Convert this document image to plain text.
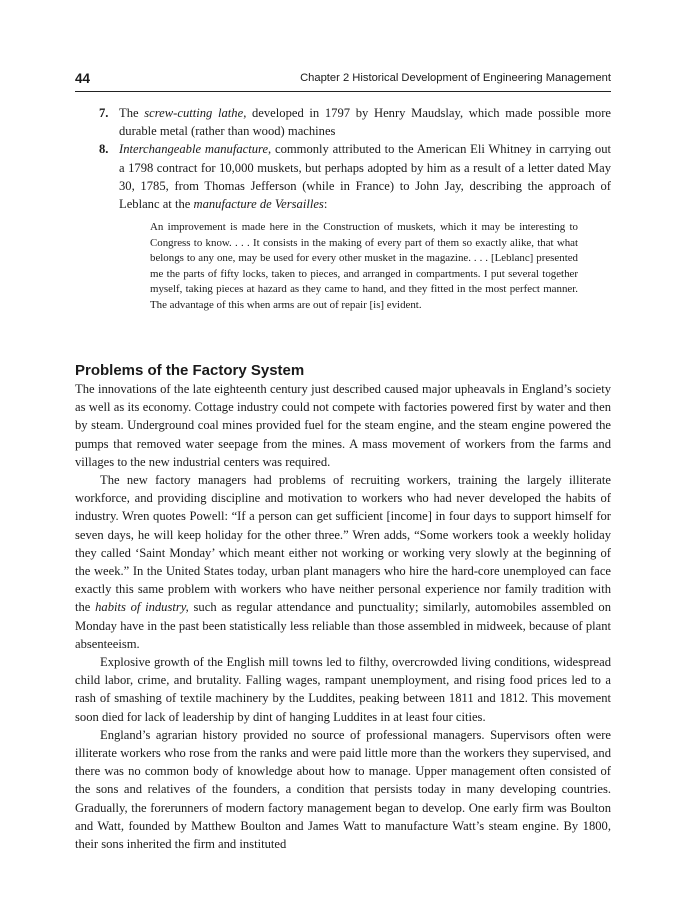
44	Chapter 2 Historical Development of Engineering Management
7. The screw-cutting lathe, developed in 1797 by Henry Maudslay, which made possible more durable metal (rather than wood) machines
8. Interchangeable manufacture, commonly attributed to the American Eli Whitney in carrying out a 1798 contract for 10,000 muskets, but perhaps adopted by him as a result of a letter dated May 30, 1785, from Thomas Jefferson (while in France) to John Jay, describing the approach of Leblanc at the manufacture de Versailles:
An improvement is made here in the Construction of muskets, which it may be interesting to Congress to know. . . . It consists in the making of every part of them so exactly alike, that what belongs to any one, may be used for every other musket in the magazine. . . . [Leblanc] presented me the parts of fifty locks, taken to pieces, and arranged in compartments. I put several together myself, taking pieces at hazard as they came to hand, and they fitted in the most perfect manner. The advantage of this when arms are out of repair [is] evident.
Problems of the Factory System

The innovations of the late eighteenth century just described caused major upheavals in England’s society as well as its economy. Cottage industry could not compete with factories powered first by water and then by steam. Underground coal mines provided fuel for the steam engine, and the steam engine powered the pumps that removed water seepage from the mines. A mass movement of workers from the farms and villages to the new industrial centers was required.

The new factory managers had problems of recruiting workers, training the largely illiterate workforce, and providing discipline and motivation to workers who had never developed the habits of industry. Wren quotes Powell: “If a person can get sufficient [income] in four days to support himself for seven days, he will keep holiday for the other three.” Wren adds, “Some workers took a weekly holiday they called ‘Saint Monday’ which meant either not working or working very slowly at the beginning of the week.” In the United States today, urban plant managers who hire the hard-core unemployed can face exactly this same problem with workers who have neither personal experience nor family tradition with the habits of industry, such as regular attendance and punctuality; similarly, automobiles assembled on Monday have in the past been statistically less reliable than those assembled in midweek, because of plant absenteeism.

Explosive growth of the English mill towns led to filthy, overcrowded living conditions, widespread child labor, crime, and brutality. Falling wages, rampant unemployment, and rising food prices led to a rash of smashing of textile machinery by the Luddites, peaking between 1811 and 1812. This movement soon died for lack of leadership by dint of hanging Luddites in at least four cities.

England’s agrarian history provided no source of professional managers. Supervisors often were illiterate workers who rose from the ranks and were paid little more than the workers they supervised, and there was no common body of knowledge about how to manage. Upper management often consisted of the sons and relatives of the founders, a condition that persists today in many developing countries. Gradually, the forerunners of modern factory management began to develop. One early firm was Boulton and Watt, founded by Matthew Boulton and James Watt to manufacture Watt’s steam engine. By 1800, their sons inherited the firm and instituted
